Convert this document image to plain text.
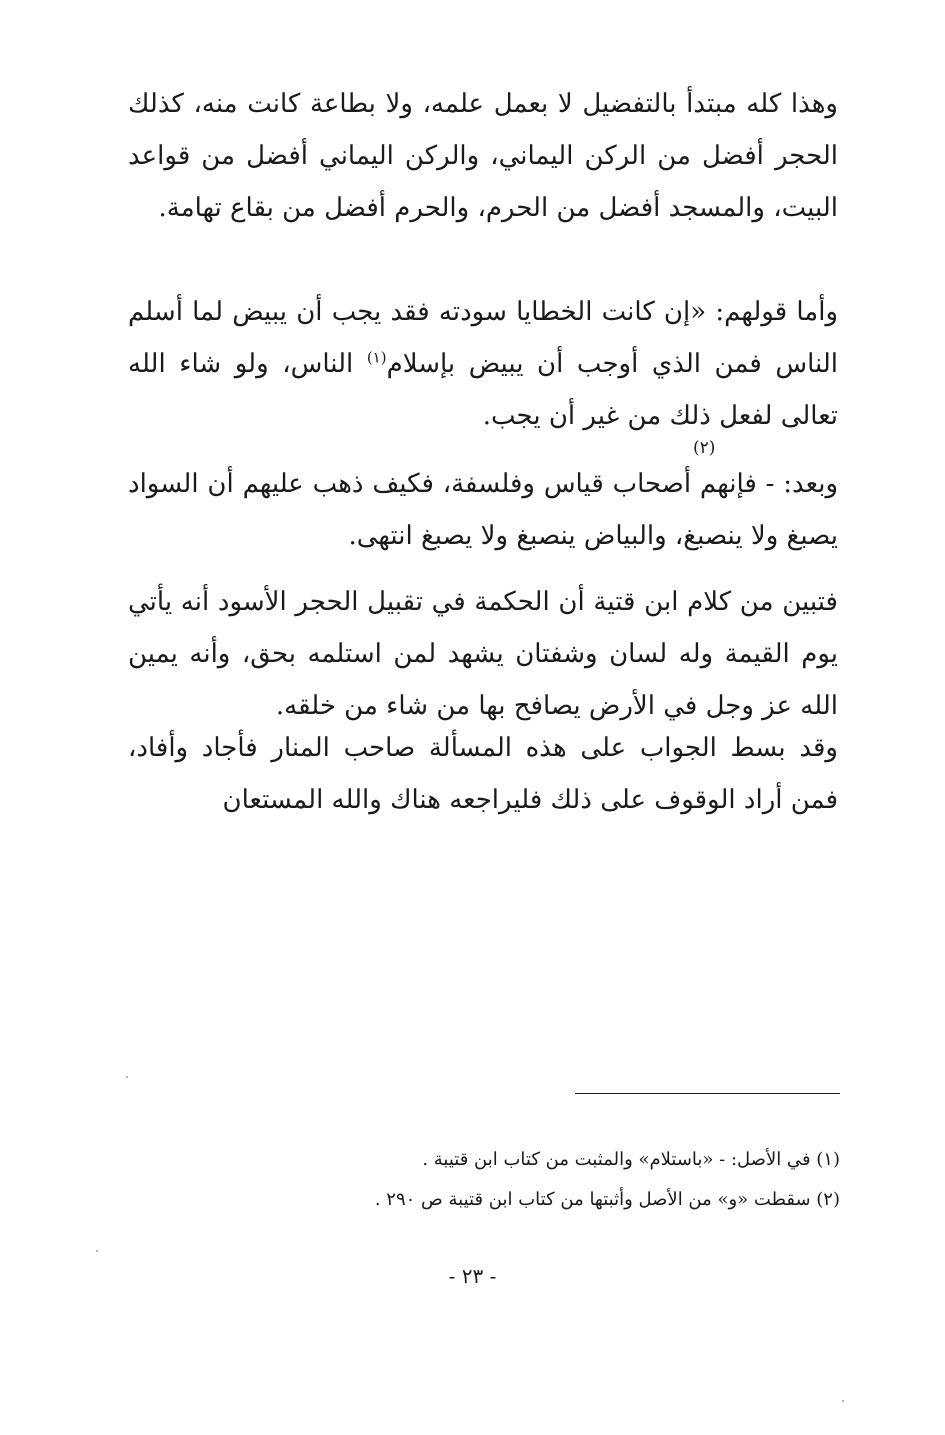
وهذا كله مبتدأ بالتفضيل لا بعمل علمه، ولا بطاعة كانت منه، كذلك الحجر أفضل من الركن اليماني، والركن اليماني أفضل من قواعد البيت، والمسجد أفضل من الحرم، والحرم أفضل من بقاع تهامة.

وأما قولهم: «إن كانت الخطايا سودته فقد يجب أن يبيض لما أسلم الناس فمن الذي أوجب أن يبيض بإسلام$^{(١)}$ الناس، ولو شاء الله تعالى لفعل ذلك من غير أن يجب.

(٢)

وبعد: - فإنهم أصحاب قياس وفلسفة، فكيف ذهب عليهم أن السواد يصبغ ولا ينصبغ، والبياض ينصبغ ولا يصبغ انتهى.

فتبين من كلام ابن قتية أن الحكمة في تقبيل الحجر الأسود أنه يأتي يوم القيمة وله لسان وشفتان يشهد لمن استلمه بحق، وأنه يمين الله عز وجل في الأرض يصافح بها من شاء من خلقه.

وقد بسط الجواب على هذه المسألة صاحب المنار فأجاد وأفاد، فمن أراد الوقوف على ذلك فليراجعه هناك والله المستعان

(١) في الأصل: - «باستلام» والمثبت من كتاب ابن قتيبة .

(٢) سقطت «و» من الأصل وأثبتها من كتاب ابن قتيبة ص ٢٩٠ .

- ٢٣ -
